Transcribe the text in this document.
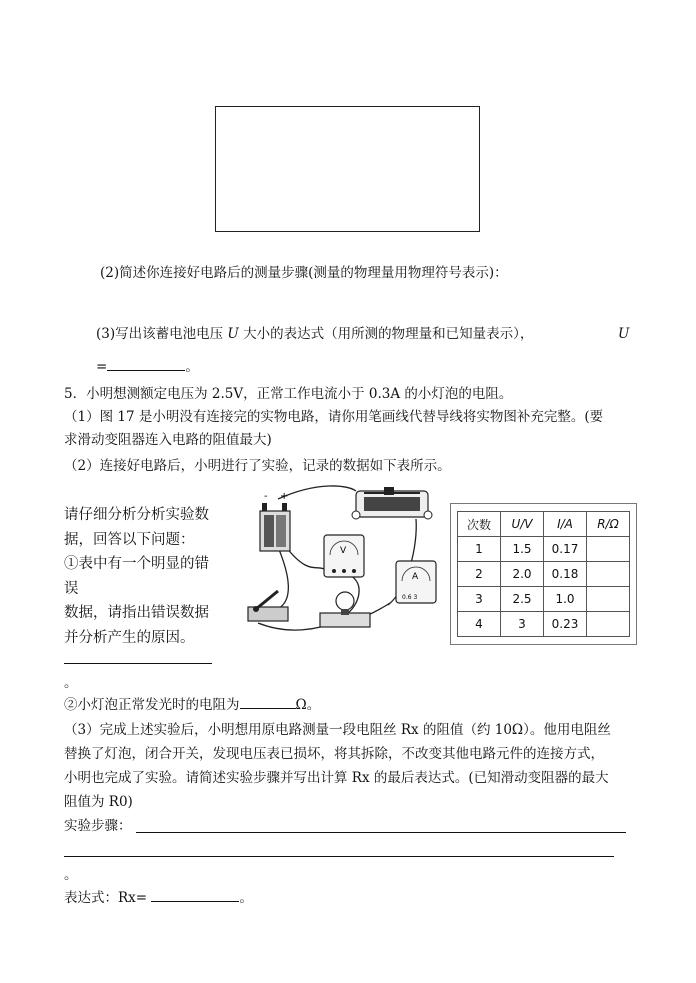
(2)简述你连接好电路后的测量步骤(测量的物理量用物理符号表示)：
(3)写出该蓄电池电压 U 大小的表达式（用所测的物理量和已知量表示），	U
=	。
5．小明想测额定电压为 2.5V，正常工作电流小于 0.3A 的小灯泡的电阻。
（1）图 17 是小明没有连接完的实物电路，请你用笔画线代替导线将实物图补充完整。(要
求滑动变阻器连入电路的阻值最大)
（2）连接好电路后，小明进行了实验，记录的数据如下表所示。
请仔细分析分析实验数
据，回答以下问题：
①表中有一个明显的错
误
数据，请指出错误数据
并分析产生的原因。
。
- +
V
A
0.6 3
次数	U/V	I/A	R/Ω
1	1.5	0.17	
2	2.0	0.18	
3	2.5	1.0	
4	3	0.23	
②小灯泡正常发光时的电阻为	Ω。
（3）完成上述实验后，小明想用原电路测量一段电阻丝 Rx 的阻值（约 10Ω）。他用电阻丝
替换了灯泡，闭合开关，发现电压表已损坏，将其拆除，不改变其他电路元件的连接方式，
小明也完成了实验。请简述实验步骤并写出计算 Rx 的最后表达式。(已知滑动变阻器的最大
阻值为 R0)
实验步骤：
。
表达式：Rx=	。
